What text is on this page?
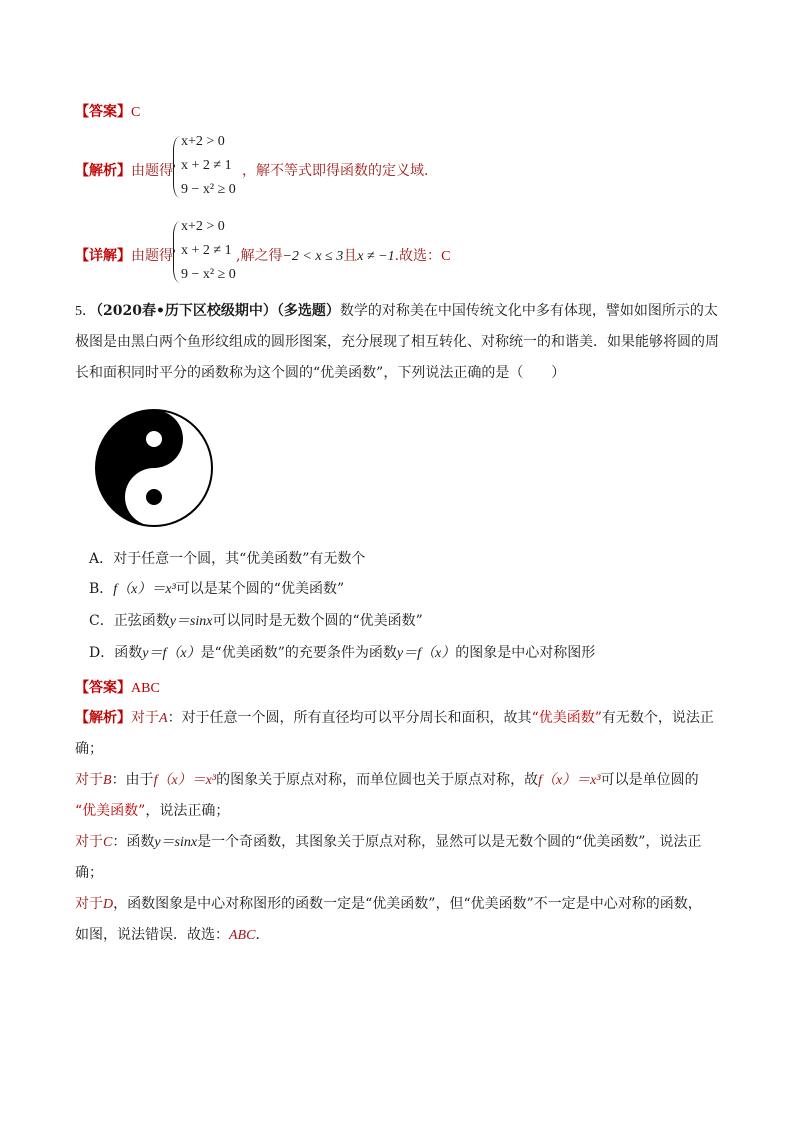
【答案】C
【解析】由题得
x+2 > 0
x + 2 ≠ 1
9 − x² ≥ 0
，解不等式即得函数的定义域.
【详解】由题得
x+2 > 0
x + 2 ≠ 1
9 − x² ≥ 0
,解之得−2 < x ≤ 3且x ≠ −1.故选：C
5．（2020春•历下区校级期中）（多选题）数学的对称美在中国传统文化中多有体现，譬如如图所示的太极图是由黑白两个鱼形纹组成的圆形图案，充分展现了相互转化、对称统一的和谐美．如果能够将圆的周长和面积同时平分的函数称为这个圆的“优美函数”，下列说法正确的是（　　）
A．对于任意一个圆，其“优美函数”有无数个
B．f（x）＝x³可以是某个圆的“优美函数”
C．正弦函数y＝sinx可以同时是无数个圆的“优美函数”
D．函数y＝f（x）是“优美函数”的充要条件为函数y＝f（x）的图象是中心对称图形
【答案】ABC
【解析】对于A：对于任意一个圆，所有直径均可以平分周长和面积，故其“优美函数”有无数个，说法正
确；
对于B：由于f（x）＝x³的图象关于原点对称，而单位圆也关于原点对称，故f（x）＝x³可以是单位圆的
“优美函数”，说法正确；
对于C：函数y＝sinx是一个奇函数，其图象关于原点对称，显然可以是无数个圆的“优美函数”，说法正
确；
对于D，函数图象是中心对称图形的函数一定是“优美函数”，但“优美函数”不一定是中心对称的函数，
如图，说法错误．故选：ABC．
